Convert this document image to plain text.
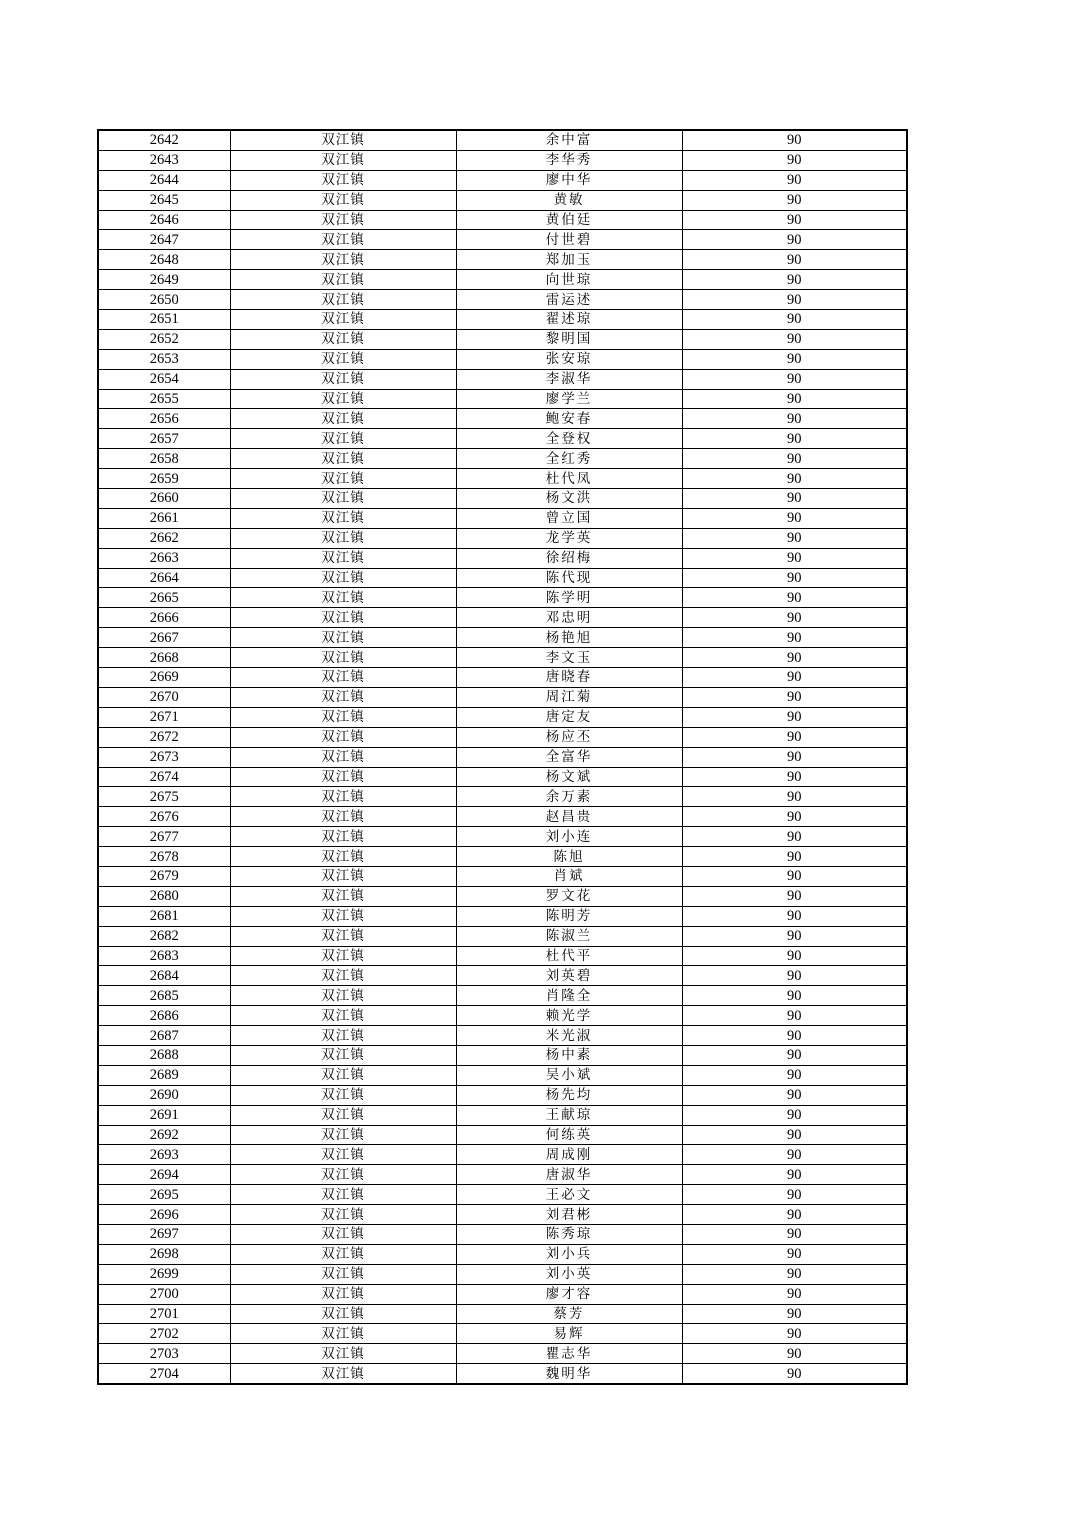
2642	双江镇	余中富	90
2643	双江镇	李华秀	90
2644	双江镇	廖中华	90
2645	双江镇	黄敏	90
2646	双江镇	黄伯廷	90
2647	双江镇	付世碧	90
2648	双江镇	郑加玉	90
2649	双江镇	向世琼	90
2650	双江镇	雷运述	90
2651	双江镇	翟述琼	90
2652	双江镇	黎明国	90
2653	双江镇	张安琼	90
2654	双江镇	李淑华	90
2655	双江镇	廖学兰	90
2656	双江镇	鲍安春	90
2657	双江镇	全登权	90
2658	双江镇	全红秀	90
2659	双江镇	杜代凤	90
2660	双江镇	杨文洪	90
2661	双江镇	曾立国	90
2662	双江镇	龙学英	90
2663	双江镇	徐绍梅	90
2664	双江镇	陈代现	90
2665	双江镇	陈学明	90
2666	双江镇	邓忠明	90
2667	双江镇	杨艳旭	90
2668	双江镇	李文玉	90
2669	双江镇	唐晓春	90
2670	双江镇	周江菊	90
2671	双江镇	唐定友	90
2672	双江镇	杨应丕	90
2673	双江镇	全富华	90
2674	双江镇	杨文斌	90
2675	双江镇	余万素	90
2676	双江镇	赵昌贵	90
2677	双江镇	刘小连	90
2678	双江镇	陈旭	90
2679	双江镇	肖斌	90
2680	双江镇	罗文花	90
2681	双江镇	陈明芳	90
2682	双江镇	陈淑兰	90
2683	双江镇	杜代平	90
2684	双江镇	刘英碧	90
2685	双江镇	肖隆全	90
2686	双江镇	赖光学	90
2687	双江镇	米光淑	90
2688	双江镇	杨中素	90
2689	双江镇	吴小斌	90
2690	双江镇	杨先均	90
2691	双江镇	王献琼	90
2692	双江镇	何练英	90
2693	双江镇	周成刚	90
2694	双江镇	唐淑华	90
2695	双江镇	王必文	90
2696	双江镇	刘君彬	90
2697	双江镇	陈秀琼	90
2698	双江镇	刘小兵	90
2699	双江镇	刘小英	90
2700	双江镇	廖才容	90
2701	双江镇	蔡芳	90
2702	双江镇	易辉	90
2703	双江镇	瞿志华	90
2704	双江镇	魏明华	90
